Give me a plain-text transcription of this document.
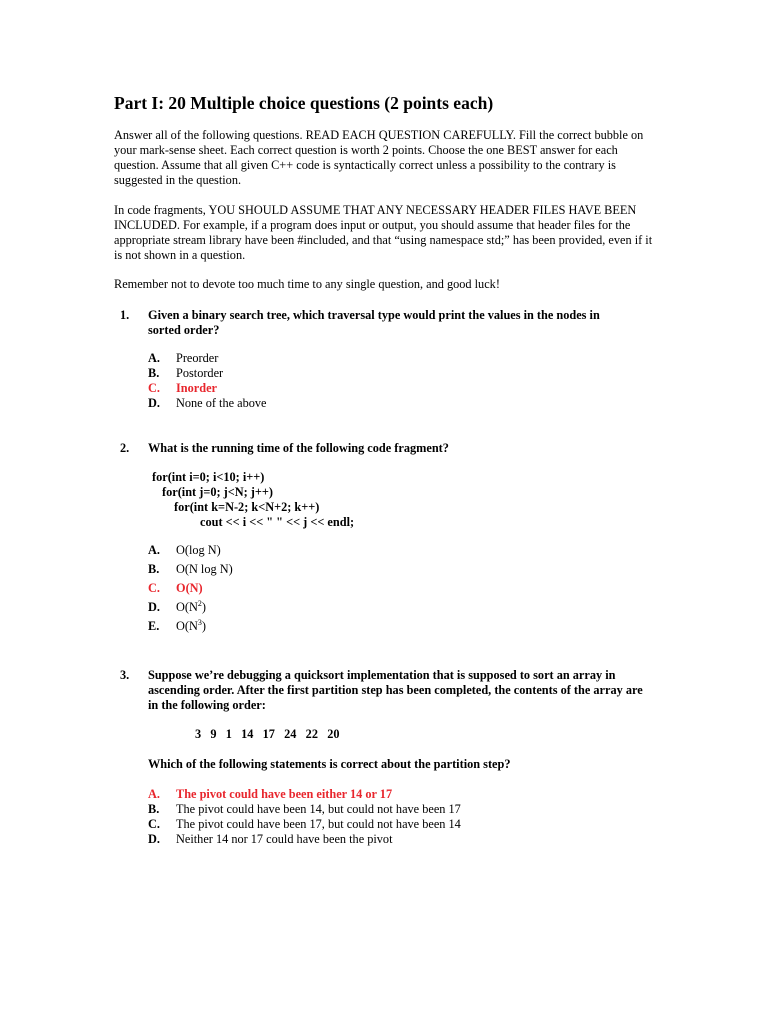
Part I: 20 Multiple choice questions (2 points each)
Answer all of the following questions. READ EACH QUESTION CAREFULLY. Fill the correct bubble on your mark-sense sheet. Each correct question is worth 2 points. Choose the one BEST answer for each question. Assume that all given C++ code is syntactically correct unless a possibility to the contrary is suggested in the question.
In code fragments, YOU SHOULD ASSUME THAT ANY NECESSARY HEADER FILES HAVE BEEN INCLUDED. For example, if a program does input or output, you should assume that header files for the appropriate stream library have been #included, and that “using namespace std;” has been provided, even if it is not shown in a question.
Remember not to devote too much time to any single question, and good luck!
1. Given a binary search tree, which traversal type would print the values in the nodes in sorted order?
A.	Preorder
B.	Postorder
C.	Inorder
D.	None of the above
2. What is the running time of the following code fragment?
for(int i=0; i<10; i++)
for(int j=0; j<N; j++)
for(int k=N-2; k<N+2; k++)
cout << i << " " << j << endl;
A.	O(log N)
B.	O(N log N)
C.	O(N)
D.	$O(N^2)$
E.	$O(N^3)$
3. Suppose we’re debugging a quicksort implementation that is supposed to sort an array in ascending order. After the first partition step has been completed, the contents of the array are in the following order:
3   9   1   14   17   24   22   20
Which of the following statements is correct about the partition step?
A.	The pivot could have been either 14 or 17
B.	The pivot could have been 14, but could not have been 17
C.	The pivot could have been 17, but could not have been 14
D.	Neither 14 nor 17 could have been the pivot
